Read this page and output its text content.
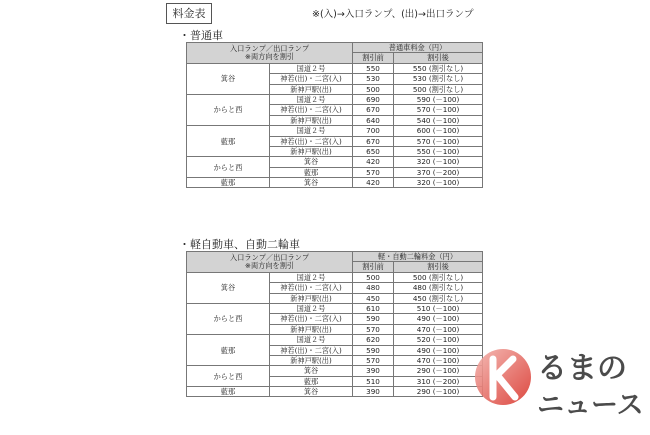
料金表	※(入)→入口ランプ、(出)→出口ランプ
・普通車
入口ランプ／出口ランプ
※両方向を割引		普通車料金（円）	
		割引前	割引後
箕谷	国道２号	550	550 (割引なし)
	神若(出)・二宮(入)	530	530 (割引なし)
	新神戸駅(出)	500	500 (割引なし)
からと西	国道２号	690	590 (－100)
	神若(出)・二宮(入)	670	570 (－100)
	新神戸駅(出)	640	540 (－100)
藍那	国道２号	700	600 (－100)
	神若(出)・二宮(入)	670	570 (－100)
	新神戸駅(出)	650	550 (－100)
からと西	箕谷	420	320 (－100)
	藍那	570	370 (－200)
藍那	箕谷	420	320 (－100)
・軽自動車、自動二輪車
入口ランプ／出口ランプ
※両方向を割引		軽・自動二輪料金（円）	
		割引前	割引後
箕谷	国道２号	500	500 (割引なし)
	神若(出)・二宮(入)	480	480 (割引なし)
	新神戸駅(出)	450	450 (割引なし)
からと西	国道２号	610	510 (－100)
	神若(出)・二宮(入)	590	490 (－100)
	新神戸駅(出)	570	470 (－100)
藍那	国道２号	620	520 (－100)
	神若(出)・二宮(入)	590	490 (－100)
	新神戸駅(出)	570	470 (－100)
からと西	箕谷	390	290 (－100)
	藍那	510	310 (－200)
藍那	箕谷	390	290 (－100)
るまの
ニュース
